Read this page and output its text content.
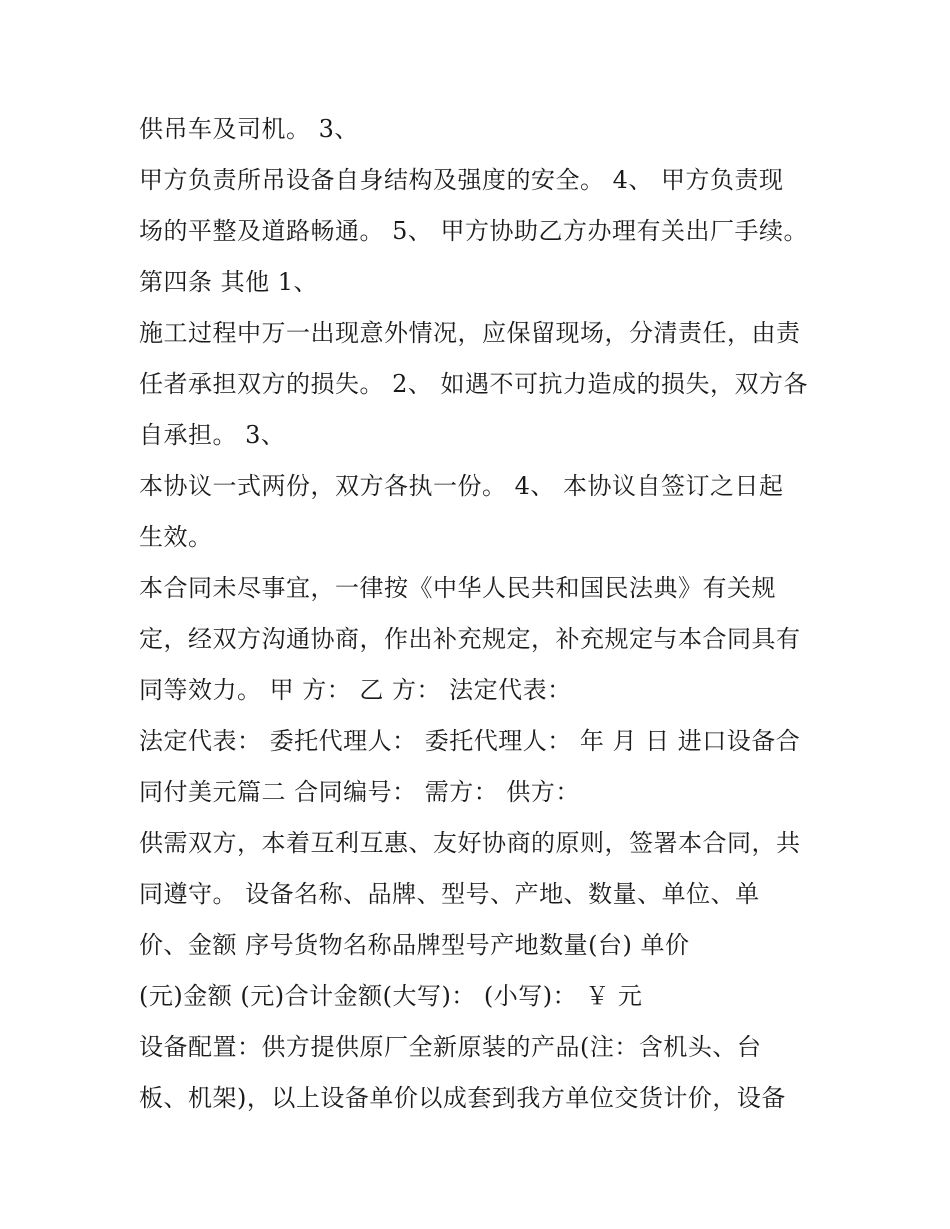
供吊车及司机。 3、
甲方负责所吊设备自身结构及强度的安全。 4、 甲方负责现
场的平整及道路畅通。 5、 甲方协助乙方办理有关出厂手续。
第四条 其他 1、
施工过程中万一出现意外情况，应保留现场，分清责任，由责
任者承担双方的损失。 2、 如遇不可抗力造成的损失，双方各
自承担。 3、
本协议一式两份，双方各执一份。 4、 本协议自签订之日起
生效。
本合同未尽事宜，一律按《中华人民共和国民法典》有关规
定，经双方沟通协商，作出补充规定，补充规定与本合同具有
同等效力。 甲 方： 乙 方： 法定代表：
法定代表： 委托代理人： 委托代理人： 年 月 日 进口设备合
同付美元篇二 合同编号： 需方： 供方：
供需双方，本着互利互惠、友好协商的原则，签署本合同，共
同遵守。 设备名称、品牌、型号、产地、数量、单位、单
价、金额 序号货物名称品牌型号产地数量(台) 单价
(元)金额 (元)合计金额(大写)： (小写)： ￥ 元
设备配置：供方提供原厂全新原装的产品(注：含机头、台
板、机架)，以上设备单价以成套到我方单位交货计价，设备
